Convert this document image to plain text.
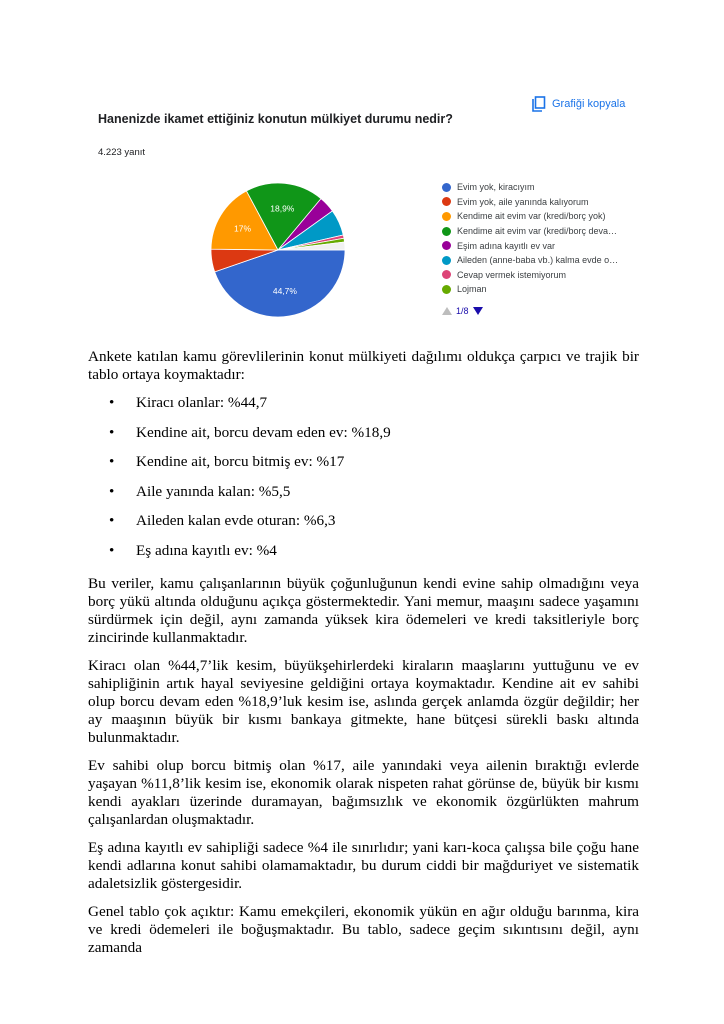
Grafiği kopyala
Hanenizde ikamet ettiğiniz konutun mülkiyet durumu nedir?
4.223 yanıt
44,7%
17%
18,9%
Evim yok, kiracıyım
Evim yok, aile yanında kalıyorum
Kendime ait evim var (kredi/borç yok)
Kendime ait evim var (kredi/borç deva…
Eşim adına kayıtlı ev var
Aileden (anne-baba vb.) kalma evde o…
Cevap vermek istemiyorum
Lojman
1/8

Ankete katılan kamu görevlilerinin konut mülkiyeti dağılımı oldukça çarpıcı ve trajik bir tablo ortaya koymaktadır:

• Kiracı olanlar: %44,7
• Kendine ait, borcu devam eden ev: %18,9
• Kendine ait, borcu bitmiş ev: %17
• Aile yanında kalan: %5,5
• Aileden kalan evde oturan: %6,3
• Eş adına kayıtlı ev: %4

Bu veriler, kamu çalışanlarının büyük çoğunluğunun kendi evine sahip olmadığını veya borç yükü altında olduğunu açıkça göstermektedir. Yani memur, maaşını sadece yaşamını sürdürmek için değil, aynı zamanda yüksek kira ödemeleri ve kredi taksitleriyle borç zincirinde kullanmaktadır.

Kiracı olan %44,7’lik kesim, büyükşehirlerdeki kiraların maaşlarını yuttuğunu ve ev sahipliğinin artık hayal seviyesine geldiğini ortaya koymaktadır. Kendine ait ev sahibi olup borcu devam eden %18,9’luk kesim ise, aslında gerçek anlamda özgür değildir; her ay maaşının büyük bir kısmı bankaya gitmekte, hane bütçesi sürekli baskı altında bulunmaktadır.

Ev sahibi olup borcu bitmiş olan %17, aile yanındaki veya ailenin bıraktığı evlerde yaşayan %11,8’lik kesim ise, ekonomik olarak nispeten rahat görünse de, büyük bir kısmı kendi ayakları üzerinde duramayan, bağımsızlık ve ekonomik özgürlükten mahrum çalışanlardan oluşmaktadır.

Eş adına kayıtlı ev sahipliği sadece %4 ile sınırlıdır; yani karı-koca çalışsa bile çoğu hane kendi adlarına konut sahibi olamamaktadır, bu durum ciddi bir mağduriyet ve sistematik adaletsizlik göstergesidir.

Genel tablo çok açıktır: Kamu emekçileri, ekonomik yükün en ağır olduğu barınma, kira ve kredi ödemeleri ile boğuşmaktadır. Bu tablo, sadece geçim sıkıntısını değil, aynı zamanda
